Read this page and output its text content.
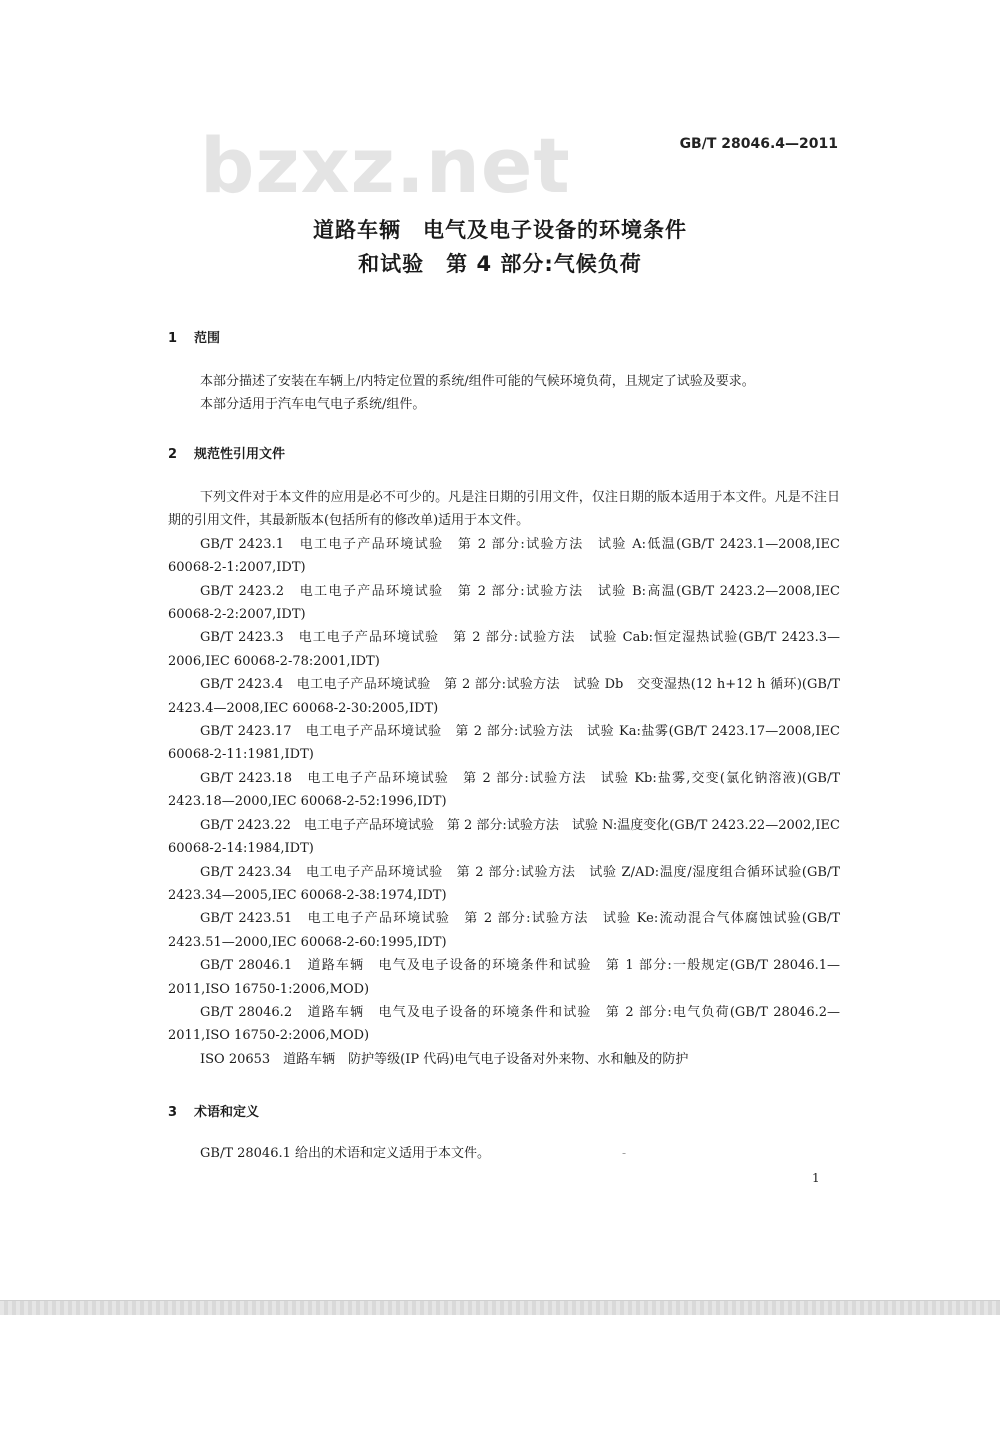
bzxz.net	GB/T 28046.4—2011
道路车辆　电气及电子设备的环境条件
和试验　第 4 部分:气候负荷
1 范围

本部分描述了安装在车辆上/内特定位置的系统/组件可能的气候环境负荷，且规定了试验及要求。

本部分适用于汽车电气电子系统/组件。

2 规范性引用文件

下列文件对于本文件的应用是必不可少的。凡是注日期的引用文件，仅注日期的版本适用于本文件。凡是不注日期的引用文件，其最新版本(包括所有的修改单)适用于本文件。

GB/T 2423.1　电工电子产品环境试验　第 2 部分:试验方法　试验 A:低温(GB/T 2423.1—2008,IEC 60068-2-1:2007,IDT)

GB/T 2423.2　电工电子产品环境试验　第 2 部分:试验方法　试验 B:高温(GB/T 2423.2—2008,IEC 60068-2-2:2007,IDT)

GB/T 2423.3　电工电子产品环境试验　第 2 部分:试验方法　试验 Cab:恒定湿热试验(GB/T 2423.3—2006,IEC 60068-2-78:2001,IDT)

GB/T 2423.4　电工电子产品环境试验　第 2 部分:试验方法　试验 Db　交变湿热(12 h+12 h 循环)(GB/T 2423.4—2008,IEC 60068-2-30:2005,IDT)

GB/T 2423.17　电工电子产品环境试验　第 2 部分:试验方法　试验 Ka:盐雾(GB/T 2423.17—2008,IEC 60068-2-11:1981,IDT)

GB/T 2423.18　电工电子产品环境试验　第 2 部分:试验方法　试验 Kb:盐雾,交变(氯化钠溶液)(GB/T 2423.18—2000,IEC 60068-2-52:1996,IDT)

GB/T 2423.22　电工电子产品环境试验　第 2 部分:试验方法　试验 N:温度变化(GB/T 2423.22—2002,IEC 60068-2-14:1984,IDT)

GB/T 2423.34　电工电子产品环境试验　第 2 部分:试验方法　试验 Z/AD:温度/湿度组合循环试验(GB/T 2423.34—2005,IEC 60068-2-38:1974,IDT)

GB/T 2423.51　电工电子产品环境试验　第 2 部分:试验方法　试验 Ke:流动混合气体腐蚀试验(GB/T 2423.51—2000,IEC 60068-2-60:1995,IDT)

GB/T 28046.1　道路车辆　电气及电子设备的环境条件和试验　第 1 部分:一般规定(GB/T 28046.1—2011,ISO 16750-1:2006,MOD)

GB/T 28046.2　道路车辆　电气及电子设备的环境条件和试验　第 2 部分:电气负荷(GB/T 28046.2—2011,ISO 16750-2:2006,MOD)

ISO 20653　道路车辆　防护等级(IP 代码)电气电子设备对外来物、水和触及的防护

3 术语和定义

GB/T 28046.1 给出的术语和定义适用于本文件。	-
1
